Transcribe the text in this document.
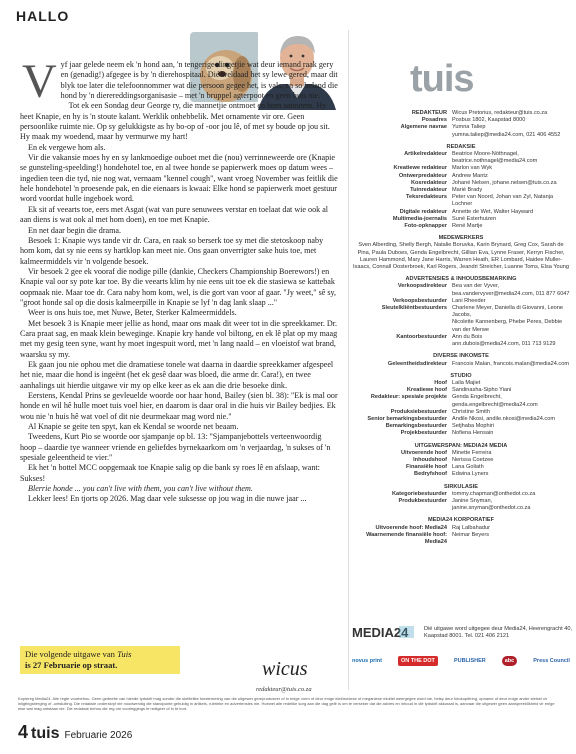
HALLO
V yf jaar gelede neem ek 'n hond aan, 'n tengerige dingetjie wat deur iemand raak gery en (genadig!) afgegee is by 'n dierehospitaal. Dié weldaad het sy lewe gered, maar dit blyk toe later die telefoonnommer wat die persoon gegee het, is vals, en so beland die hond by 'n dierereddingsorganisasie – met 'n bruppel agterpoot en geen huis nie.

Tot ek een Sondag deur George ry, die mannetjie ontmoet en hom aanneem. Hy heet Knapie, en hy is 'n stoute kalant. Werklik onhebbelik. Met ornamente vir ore. Geen persoonlike ruimte nie. Op sy gelukkigste as hy bo-op of -oor jou lê, of met sy boude op jou sit. Hy maak my woedend, maar hy vermurwe my hart!

En ek vergewe hom als.

Vir die vakansie moes hy en sy lankmoedige ouboet met die (nou) verrinneweerde ore (Knapie se gunsteling-speelding!) hondehotel toe, en al twee honde se papierwerk moes op datum wees – ingedien teen die tyd, nie nog wat, vernaam "kennel cough", want vroeg November was feitlik die hele hondehotel 'n proesende pak, en die eienaars is kwaai: Elke hond se papierwerk moet gestuur word voordat hulle ingeboek word.

Ek sit af veearts toe, eers met Asgat (wat van pure senuwees verstar en toelaat dat wie ook al aan diens is wat ook al met hom doen), en toe met Knapie.

En net daar begin die drama.

Besoek 1: Knapie wys tande vir dr. Cara, en raak so berserk toe sy met die stetoskoop naby hom kom, dat sy nie eens sy hartklop kan meet nie. Ons gaan onverrigter sake huis toe, met kalmeermiddels vir 'n volgende besoek.

Vir besoek 2 gee ek vooraf die nodige pille (dankie, Checkers Championship Boerewors!) en Knapie val oor sy pote kar toe. By die veearts klim hy nie eens uit toe ek die stasiewa se kattebak oopmaak nie. Maar toe dr. Cara naby hom kom, wel, is die gort van voor af gaar. "Jy weet," sê sy, "groot honde sal op die dosis kalmeerpille in Knapie se lyf 'n dag lank slaap ..."

Weer is ons huis toe, met Nuwe, Beter, Sterker Kalmeermiddels.

Met besoek 3 is Knapie meer jellie as hond, maar ons maak dit weer tot in die spreekkamer. Dr. Cara praat sag, en maak klein beweginge. Knapie kry hande vol biltong, en ek lê plat op my maag met my gesig teen syne, want hy moet ingespuit word, met 'n lang naald – en vloeistof wat brand, waarsku sy my.

Ek gaan jou nie ophou met die dramatiese tonele wat daarna in daardie spreekkamer afgespeel het nie, maar die hond is ingeënt (het ek gesê daar was bloed, die arme dr. Cara!), en twee aanhalings uit hierdie uitgawe vir my op elke keer as ek aan die drie besoeke dink.

Eerstens, Kendal Prins se gevleuelde woorde oor haar hond, Bailey (sien bl. 38): "Ek is mal oor honde en wil hê hulle moet tuis voel hier, en daarom is daar oral in die huis vir Bailey bedjies. Ek wou nie 'n huis hê wat voel of dit nie deurmekaar mag word nie."

Al Knapie se geite ten spyt, kan ek Kendal se woorde net beaam.

Tweedens, Kurt Pio se woorde oor sjampanje op bl. 13: "Sjampanjebottels verteenwoordig hoop – daardie tye wanneer vriende en geliefdes byrnekaarkom om 'n verjaardag, 'n sukses of 'n spesiale geleentheid te vier."

Ek het 'n bottel MCC oopgemaak toe Knapie salig op die bank sy roes lê en afslaap, want: Sukses!

Blerrie honde ... you can't live with them, you can't live without them.

Lekker lees! En tjorts op 2026. Mag daar vele suksesse op jou wag in die nuwe jaar ...

Die volgende uitgawe van Tuis
is 27 Februarie op straat.	wicus
redakteur@tuis.co.za
tuis
REDAKTEUR Wicus Pretorius, redakteur@tuis.co.za
Posadres Posbus 1802, Kaapstad 8000
Algemene navrae Yumna Taliep
yumna.taliep@media24.com, 021 406 4552
REDAKSIE
Artikelredakteur Beatrice Moore-Nöthnagel,
beatrice.nothnagel@media24.com
Kreatiewe redakteur Marlon van Wyk
Ontwerpredakteur Andrew Mantz
Kosredakteur Johané Nelsen, johane.nelsen@tuis.co.za
Tuinredakteur Marié Brady
Teksredakteurs Peter van Noord, Johan van Zyl, Natanja Lochner
Digitale redakteur Annette de Wet, Walter Hayward
Multimedia-joernalis Suné Esterhuizen
Foto-opknapper René Martje
MEDEWERKERS
Sven Alberding, Shelly Bergh, Natalie Boruvka, Karin Brynard, Greg Cox, Sarah de Pina, Paula Duboes, Genda Engelbrecht, Gillian Eva, Lynne Fraser, Kerryn Fischer, Lauren Hammond, Mary Jane Harris, Warren Heath, ER Lombard, Haidee Muller-Isaacs, Connall Oosterbroek, Karl Rogers, Jeandri Streicher, Luanne Toms, Elsa Young
ADVERTENSIES & INHOUDSBEMARKING
Verkoopsdirekteur Bea van der Vyver, bea.vandervyver@media24.com, 011 877 6047
Verkoopsbestuurder Lani Rheeder
Sleutelkliëntbestuurders Charlene Meyer, Daniella di Giovanni, Leone Jacobs,
Nicolette Kannenberg, Phebe Peres, Debbie van der Merwe
Kantoorbestuurder Ann du Bois
ann.dubois@media24.com, 011 713 9129
DIVERSE INKOMSTE
Geleentheidsdirekteur Francois Malan, francois.malan@media24.com
STUDIO
Hoof Laila Majiet
Kreatiewe hoof Sandinasha-Sipho Yiani
Redakteur: spesiale projekte Genda Engelbrecht, genda.engelbrecht@media24.com
Produksiebestuurder Christine Smith
Senior bemarkingsbestuurder Andile Nkosi, andile.nkosi@media24.com
Bemarkingsbestuurder Setjhaba Mophiri
Projekbestuurder Nofiena Hensain
UITGEWERSPAN: MEDIA24 MEDIA
Uitvoerende hoof Minette Ferreira
Inhoudshoof Nerissa Coetzee
Finansiële hoof Lana Goliath
Bedryfshoof Edwina Lyners
SIRKULASIE
Kategoriebestuurder tommy.chapman@onthedot.co.za
Produkbestuurder Janine Snyman, janine.snyman@onthedot.co.za
MEDIA24 KORPORATIEF
Uitvoerende hoof: Media24 Raj Lalbahadur
Waarnemende finansiële hoof: Media24
Neimar Beyers
MEDIA24	Dié uitgawe word uitgegee deur Media24, Heerengracht 40,
Kaapstad 8001. Tel. 021 406 2121
novus print	ON THE DOT	PUBLISHER	abc	Press Council
Kopiereg Media24. Alle regte voorbehou. Geen gedeelte van hierdie tydskrif mag sonder die skriftelike toestemming van die uitgewer gereproduseer of in enige vorm of deur enige elektroniese of meganiese middel weergegee word nie, hetsy deur fotokopiëring, opname of deur enige ander stelsel vir inligtingsberging of -ontsluiting. Die redaksie onderskryf nie noodwendig die standpunte gehuldig in artikels, rubrieke en advertensies nie. Hoewel alle redelike sorg aan die dag gelê is om te verseker dat die advies en inhoud in dié tydskrif akkuraat is, aanvaar die uitgewer geen aanspreeklikheid vir enige eise wat mag ontstaan nie. Die redaksie behou die reg om voorleggings te redigeer of in te kort.
4 tuis Februarie 2026
